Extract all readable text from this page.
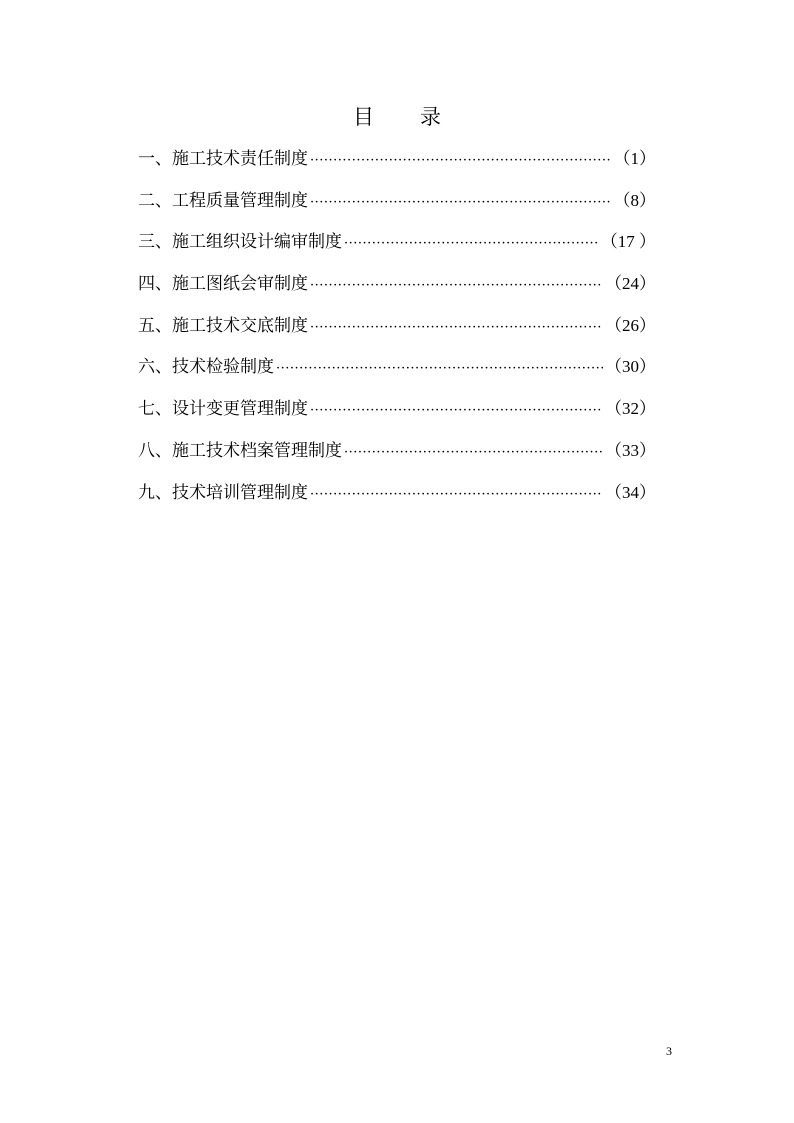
目 录
一、施工技术责任制度 ·····	（1）
二、工程质量管理制度 ·····	（8）
三、施工组织设计编审制度 ·····	（17 ）
四、施工图纸会审制度 ·····	（24）
五、施工技术交底制度 ·····	（26）
六、技术检验制度 ·····	（30）
七、设计变更管理制度 ·····	（32）
八、施工技术档案管理制度 ·····	（33）
九、技术培训管理制度 ·····	（34）
3
